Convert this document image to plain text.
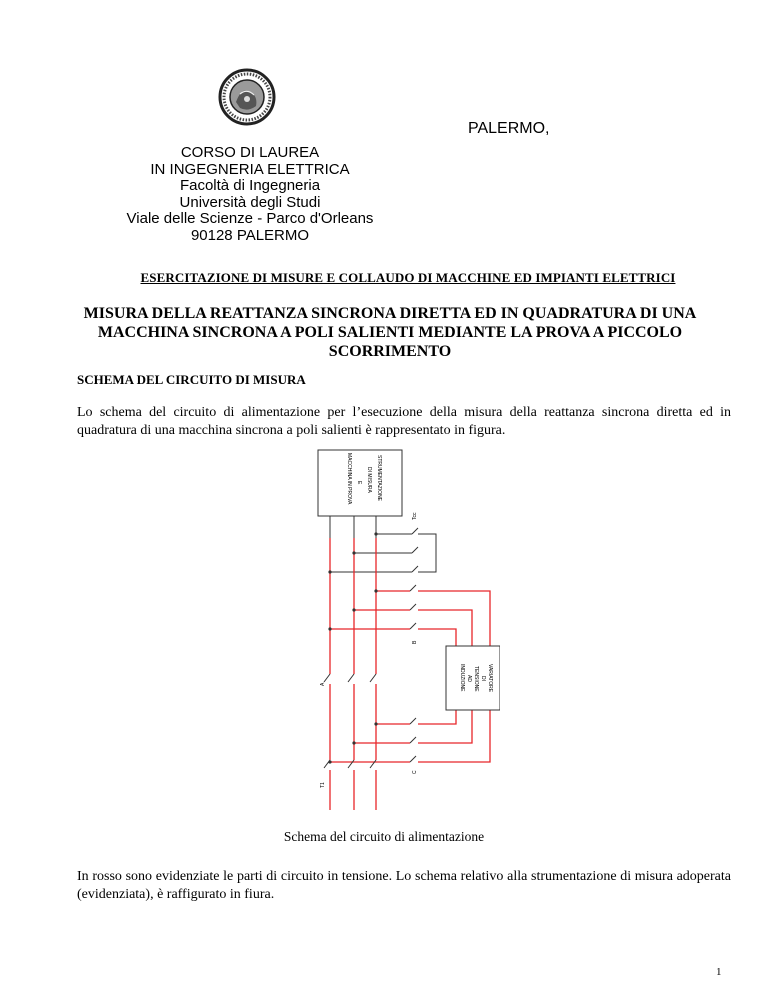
PALERMO,
CORSO DI LAUREA
IN INGEGNERIA ELETTRICA
Facoltà di Ingegneria
Università degli Studi
Viale delle Scienze - Parco d'Orleans
90128 PALERMO
ESERCITAZIONE DI MISURE E COLLAUDO DI MACCHINE ED IMPIANTI ELETTRICI
MISURA DELLA REATTANZA SINCRONA DIRETTA ED IN QUADRATURA DI UNA MACCHINA SINCRONA A POLI SALIENTI MEDIANTE LA PROVA A PICCOLO SCORRIMENTO
SCHEMA DEL CIRCUITO DI MISURA
Lo schema del circuito di alimentazione per l’esecuzione della misura della reattanza sincrona diretta ed in quadratura di una macchina sincrona a poli salienti è rappresentato in figura.
STRUMENTAZIONE
DI MISURA
E
MACCHINA IN PROVA
Tcc
B
A
C
T1
VARIATORE
DI
TENSIONE
AD
INDUZIONE
Schema del circuito di alimentazione
In rosso sono evidenziate le parti di circuito in tensione. Lo schema relativo alla strumentazione di misura adoperata (evidenziata), è raffigurato in fiura.
1
